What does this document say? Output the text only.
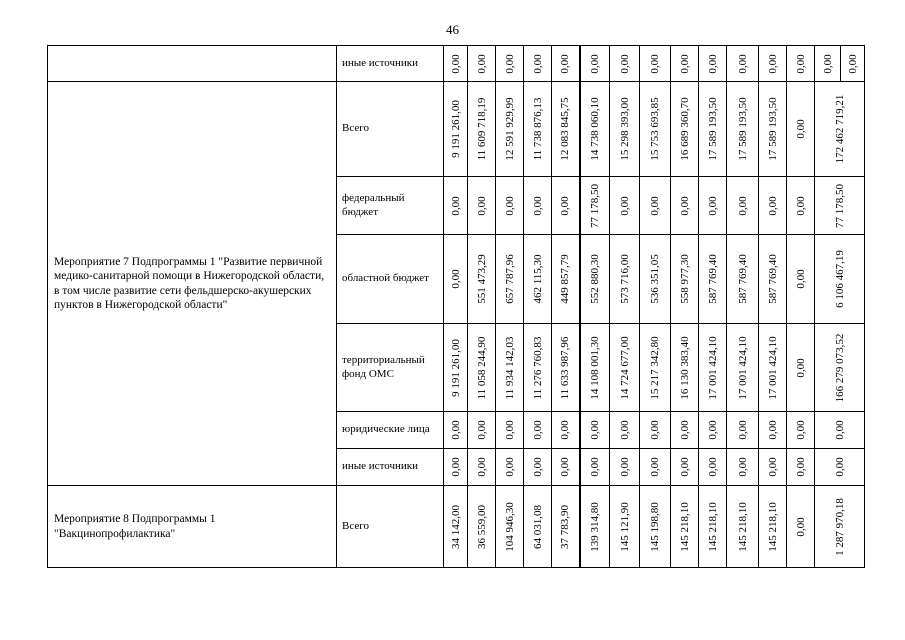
46
	иные источники	0,00	0,00	0,00	0,00	0,00	0,00	0,00	0,00	0,00	0,00	0,00	0,00	0,00	0,00	0,00

Мероприятие 7 Подпрограммы 1 "Развитие первичной медико-санитарной помощи в Нижегородской области, в том числе развитие сети фельдшерско-акушерских пунктов в Нижегородской области"	Всего	9 191 261,00	11 609 718,19	12 591 929,99	11 738 876,13	12 083 845,75	14 738 060,10	15 298 393,00	15 753 693,85	16 689 360,70	17 589 193,50	17 589 193,50	17 589 193,50	0,00	172 462 719,21	

	федеральный бюджет	0,00	0,00	0,00	0,00	0,00	77 178,50	0,00	0,00	0,00	0,00	0,00	0,00	0,00	77 178,50	

	областной бюджет	0,00	551 473,29	657 787,96	462 115,30	449 857,79	552 880,30	573 716,00	536 351,05	558 977,30	587 769,40	587 769,40	587 769,40	0,00	6 106 467,19	

	территориальный фонд ОМС	9 191 261,00	11 058 244,90	11 934 142,03	11 276 760,83	11 633 987,96	14 108 001,30	14 724 677,00	15 217 342,80	16 130 383,40	17 001 424,10	17 001 424,10	17 001 424,10	0,00	166 279 073,52	

	юридические лица	0,00	0,00	0,00	0,00	0,00	0,00	0,00	0,00	0,00	0,00	0,00	0,00	0,00	0,00	

	иные источники	0,00	0,00	0,00	0,00	0,00	0,00	0,00	0,00	0,00	0,00	0,00	0,00	0,00	0,00	

Мероприятие 8 Подпрограммы 1 "Вакцинопрофилактика"	Всего	34 142,00	36 559,00	104 946,30	64 031,08	37 783,90	139 314,80	145 121,90	145 198,80	145 218,10	145 218,10	145 218,10	145 218,10	0,00	1 287 970,18	
